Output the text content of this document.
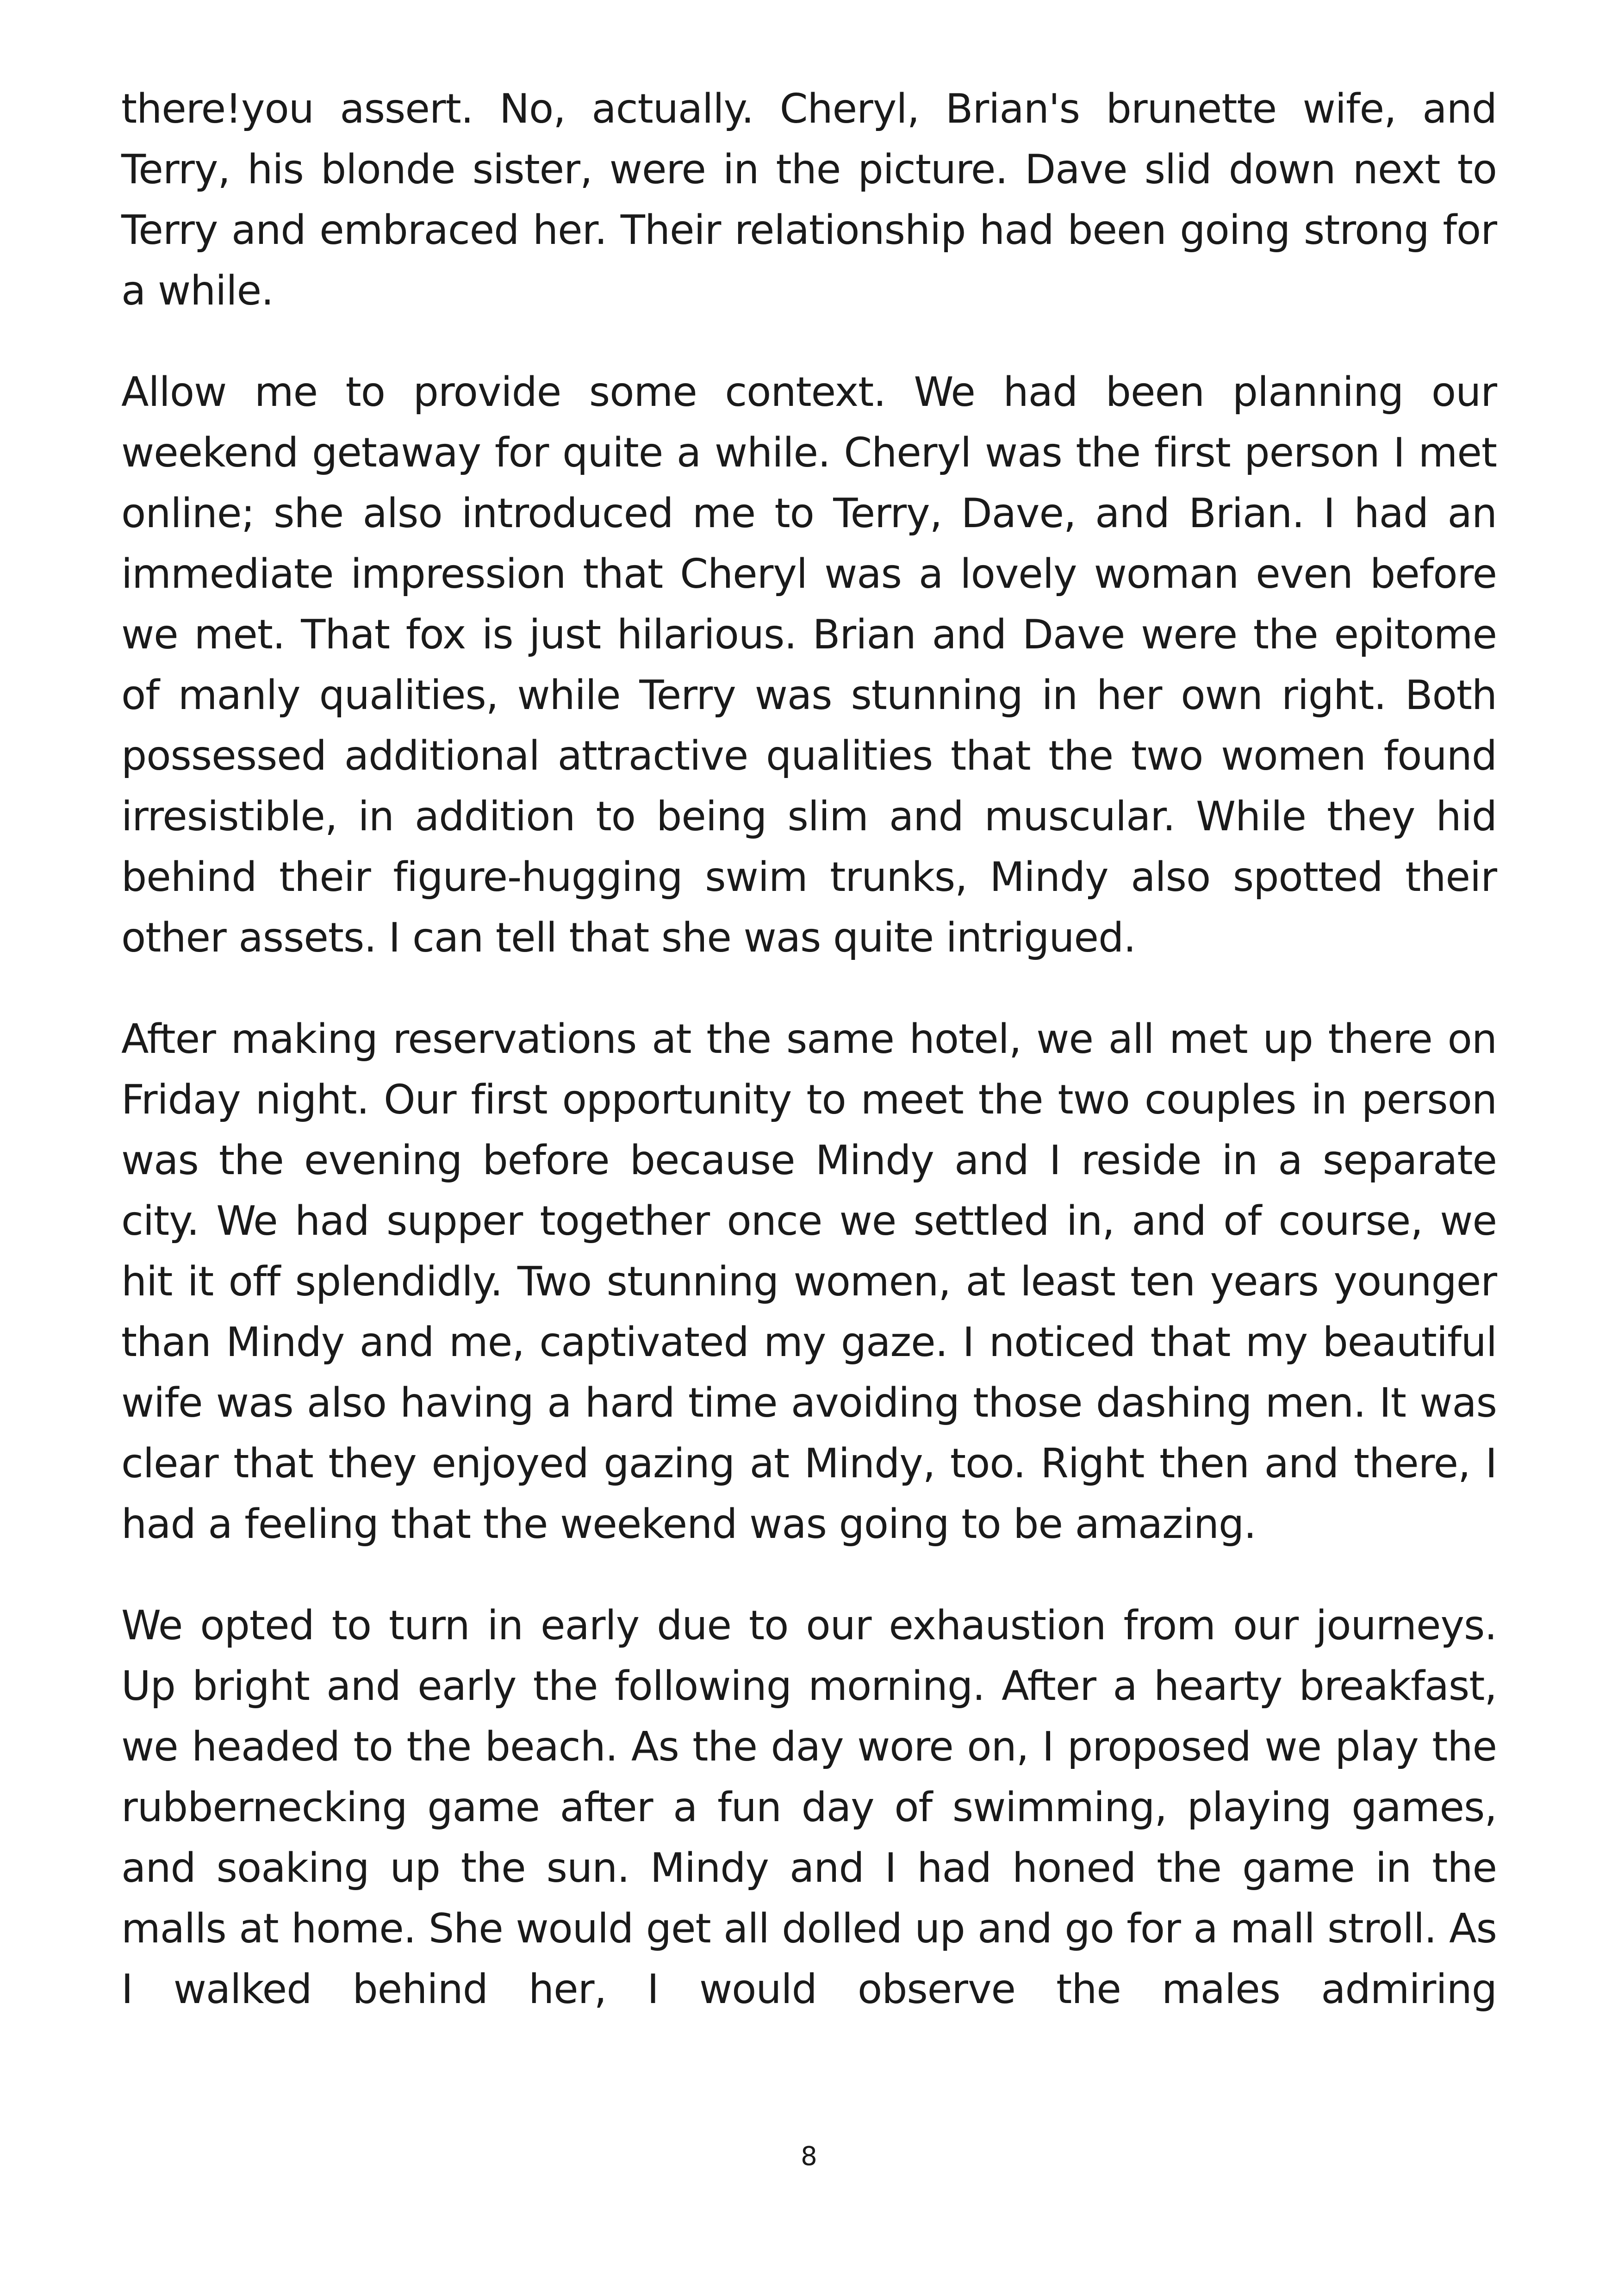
there!you assert. No, actually. Cheryl, Brian's brunette wife, and Terry, his blonde sister, were in the picture. Dave slid down next to Terry and embraced her. Their relationship had been going strong for a while.

Allow me to provide some context. We had been planning our weekend getaway for quite a while. Cheryl was the first person I met online; she also introduced me to Terry, Dave, and Brian. I had an immediate impression that Cheryl was a lovely woman even before we met. That fox is just hilarious. Brian and Dave were the epitome of manly qualities, while Terry was stunning in her own right. Both possessed additional attractive qualities that the two women found irresistible, in addition to being slim and muscular. While they hid behind their figure-hugging swim trunks, Mindy also spotted their other assets. I can tell that she was quite intrigued.

After making reservations at the same hotel, we all met up there on Friday night. Our first opportunity to meet the two couples in person was the evening before because Mindy and I reside in a separate city. We had supper together once we settled in, and of course, we hit it off splendidly. Two stunning women, at least ten years younger than Mindy and me, captivated my gaze. I noticed that my beautiful wife was also having a hard time avoiding those dashing men. It was clear that they enjoyed gazing at Mindy, too. Right then and there, I had a feeling that the weekend was going to be amazing.

We opted to turn in early due to our exhaustion from our journeys. Up bright and early the following morning. After a hearty breakfast, we headed to the beach. As the day wore on, I proposed we play the rubbernecking game after a fun day of swimming, playing games, and soaking up the sun. Mindy and I had honed the game in the malls at home. She would get all dolled up and go for a mall stroll. As I walked behind her, I would observe the males admiring

8
